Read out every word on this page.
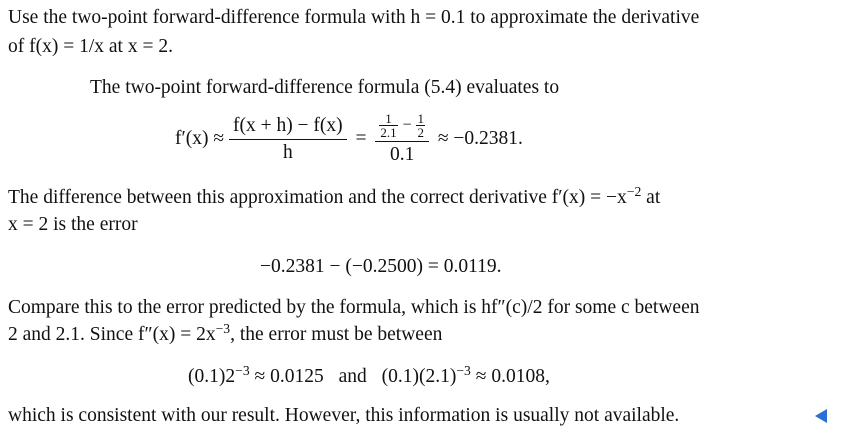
Use the two-point forward-difference formula with h = 0.1 to approximate the derivative
of f(x) = 1/x at x = 2.
The two-point forward-difference formula (5.4) evaluates to
$f'(x) \approx \frac{f(x + h) - f(x)}{h} = \frac{\frac{1}{2.1} - \frac{1}{2}}{0.1} \approx -0.2381$.
The difference between this approximation and the correct derivative $f'(x) = -x^{-2}$ at
x = 2 is the error
−0.2381 − (−0.2500) = 0.0119.
Compare this to the error predicted by the formula, which is hf″(c)/2 for some c between
2 and 2.1. Since $f''(x) = 2x^{-3}$, the error must be between
$(0.1)2^{-3} \approx 0.0125$ and $(0.1)(2.1)^{-3} \approx 0.0108$,
which is consistent with our result. However, this information is usually not available.
